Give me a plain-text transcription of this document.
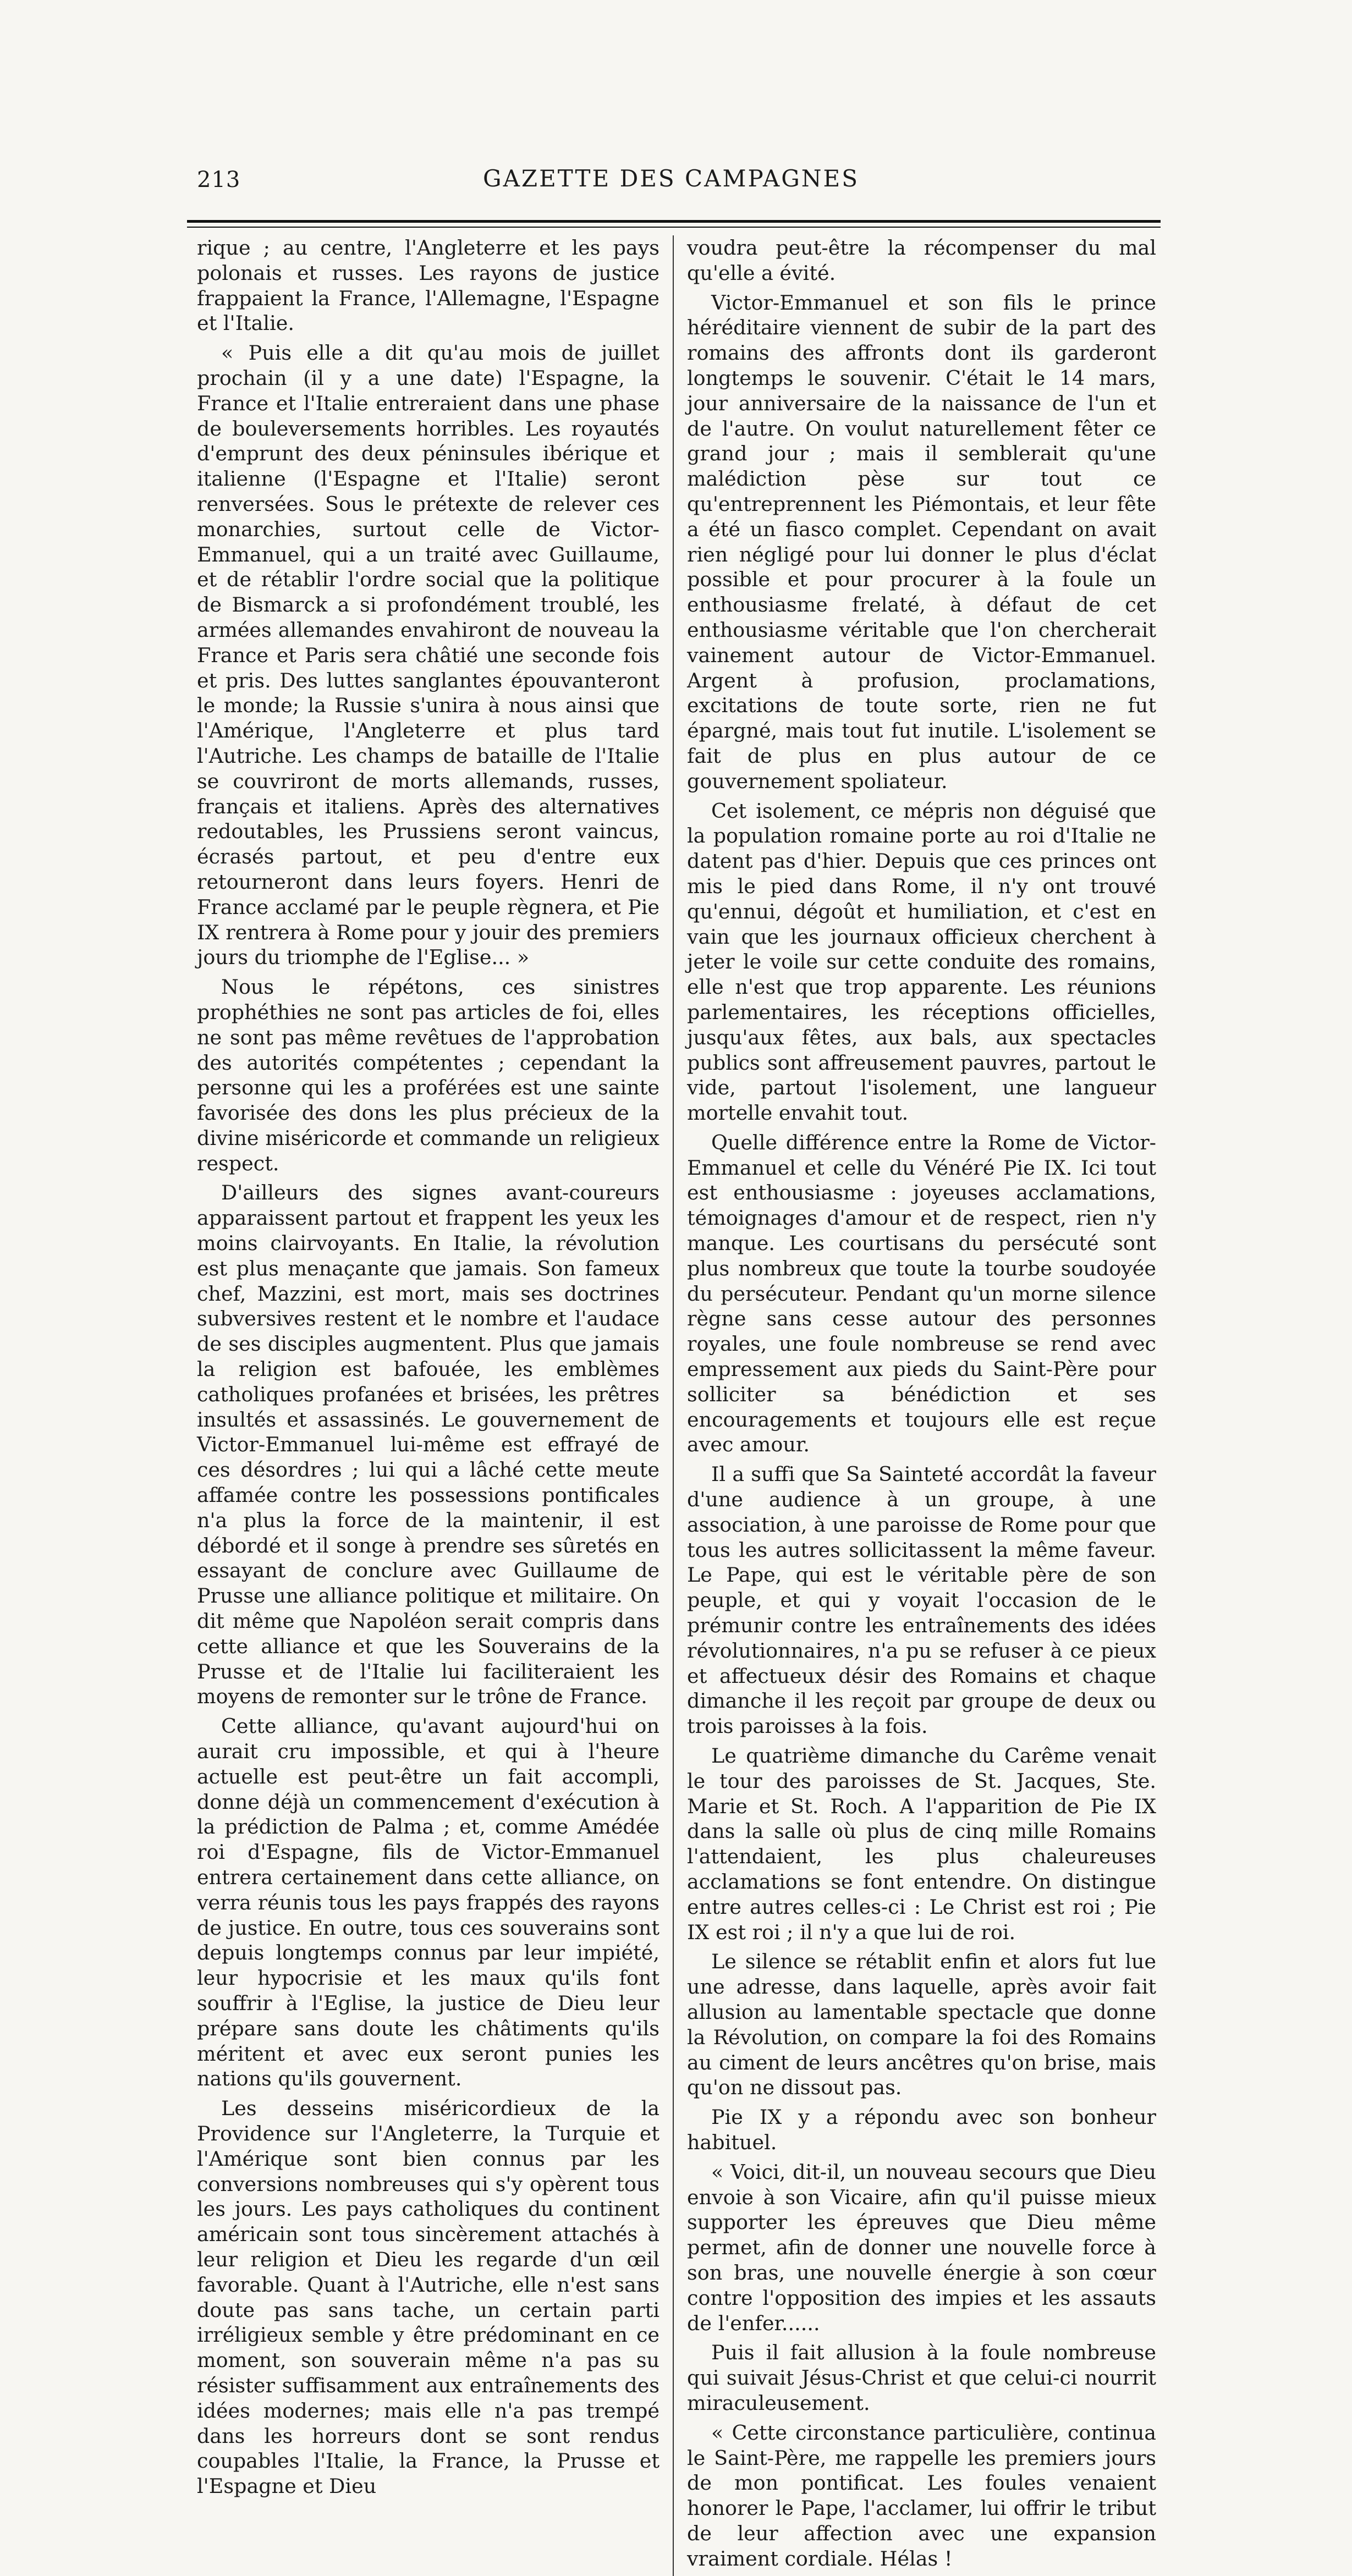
213	GAZETTE DES CAMPAGNES

rique ; au centre, l'Angleterre et les pays polonais et russes. Les rayons de justice frappaient la France, l'Allemagne, l'Espagne et l'Italie.

« Puis elle a dit qu'au mois de juillet prochain (il y a une date) l'Espagne, la France et l'Italie entreraient dans une phase de bouleversements horribles. Les royautés d'emprunt des deux péninsules ibérique et italienne (l'Espagne et l'Italie) seront renversées. Sous le prétexte de relever ces monarchies, surtout celle de Victor-Emmanuel, qui a un traité avec Guillaume, et de rétablir l'ordre social que la politique de Bismarck a si profondément troublé, les armées allemandes envahiront de nouveau la France et Paris sera châtié une seconde fois et pris. Des luttes sanglantes épouvanteront le monde; la Russie s'unira à nous ainsi que l'Amérique, l'Angleterre et plus tard l'Autriche. Les champs de bataille de l'Italie se couvriront de morts allemands, russes, français et italiens. Après des alternatives redoutables, les Prussiens seront vaincus, écrasés partout, et peu d'entre eux retourneront dans leurs foyers. Henri de France acclamé par le peuple règnera, et Pie IX rentrera à Rome pour y jouir des premiers jours du triomphe de l'Eglise... »

Nous le répétons, ces sinistres prophéthies ne sont pas articles de foi, elles ne sont pas même revêtues de l'approbation des autorités compétentes ; cependant la personne qui les a proférées est une sainte favorisée des dons les plus précieux de la divine miséricorde et commande un religieux respect.

D'ailleurs des signes avant-coureurs apparaissent partout et frappent les yeux les moins clairvoyants. En Italie, la révolution est plus menaçante que jamais. Son fameux chef, Mazzini, est mort, mais ses doctrines subversives restent et le nombre et l'audace de ses disciples augmentent. Plus que jamais la religion est bafouée, les emblèmes catholiques profanées et brisées, les prêtres insultés et assassinés. Le gouvernement de Victor-Emmanuel lui-même est effrayé de ces désordres ; lui qui a lâché cette meute affamée contre les possessions pontificales n'a plus la force de la maintenir, il est débordé et il songe à prendre ses sûretés en essayant de conclure avec Guillaume de Prusse une alliance politique et militaire. On dit même que Napoléon serait compris dans cette alliance et que les Souverains de la Prusse et de l'Italie lui faciliteraient les moyens de remonter sur le trône de France.

Cette alliance, qu'avant aujourd'hui on aurait cru impossible, et qui à l'heure actuelle est peut-être un fait accompli, donne déjà un commencement d'exécution à la prédiction de Palma ; et, comme Amédée roi d'Espagne, fils de Victor-Emmanuel entrera certainement dans cette alliance, on verra réunis tous les pays frappés des rayons de justice. En outre, tous ces souverains sont depuis longtemps connus par leur impiété, leur hypocrisie et les maux qu'ils font souffrir à l'Eglise, la justice de Dieu leur prépare sans doute les châtiments qu'ils méritent et avec eux seront punies les nations qu'ils gouvernent.

Les desseins miséricordieux de la Providence sur l'Angleterre, la Turquie et l'Amérique sont bien connus par les conversions nombreuses qui s'y opèrent tous les jours. Les pays catholiques du continent américain sont tous sincèrement attachés à leur religion et Dieu les regarde d'un œil favorable. Quant à l'Autriche, elle n'est sans doute pas sans tache, un certain parti irréligieux semble y être prédominant en ce moment, son souverain même n'a pas su résister suffisamment aux entraînements des idées modernes; mais elle n'a pas trempé dans les horreurs dont se sont rendus coupables l'Italie, la France, la Prusse et l'Espagne et Dieu

voudra peut-être la récompenser du mal qu'elle a évité.

Victor-Emmanuel et son fils le prince héréditaire viennent de subir de la part des romains des affronts dont ils garderont longtemps le souvenir. C'était le 14 mars, jour anniversaire de la naissance de l'un et de l'autre. On voulut naturellement fêter ce grand jour ; mais il semblerait qu'une malédiction pèse sur tout ce qu'entreprennent les Piémontais, et leur fête a été un fiasco complet. Cependant on avait rien négligé pour lui donner le plus d'éclat possible et pour procurer à la foule un enthousiasme frelaté, à défaut de cet enthousiasme véritable que l'on chercherait vainement autour de Victor-Emmanuel. Argent à profusion, proclamations, excitations de toute sorte, rien ne fut épargné, mais tout fut inutile. L'isolement se fait de plus en plus autour de ce gouvernement spoliateur.

Cet isolement, ce mépris non déguisé que la population romaine porte au roi d'Italie ne datent pas d'hier. Depuis que ces princes ont mis le pied dans Rome, il n'y ont trouvé qu'ennui, dégoût et humiliation, et c'est en vain que les journaux officieux cherchent à jeter le voile sur cette conduite des romains, elle n'est que trop apparente. Les réunions parlementaires, les réceptions officielles, jusqu'aux fêtes, aux bals, aux spectacles publics sont affreusement pauvres, partout le vide, partout l'isolement, une langueur mortelle envahit tout.

Quelle différence entre la Rome de Victor-Emmanuel et celle du Vénéré Pie IX. Ici tout est enthousiasme : joyeuses acclamations, témoignages d'amour et de respect, rien n'y manque. Les courtisans du persécuté sont plus nombreux que toute la tourbe soudoyée du persécuteur. Pendant qu'un morne silence règne sans cesse autour des personnes royales, une foule nombreuse se rend avec empressement aux pieds du Saint-Père pour solliciter sa bénédiction et ses encouragements et toujours elle est reçue avec amour.

Il a suffi que Sa Sainteté accordât la faveur d'une audience à un groupe, à une association, à une paroisse de Rome pour que tous les autres sollicitassent la même faveur. Le Pape, qui est le véritable père de son peuple, et qui y voyait l'occasion de le prémunir contre les entraînements des idées révolutionnaires, n'a pu se refuser à ce pieux et affectueux désir des Romains et chaque dimanche il les reçoit par groupe de deux ou trois paroisses à la fois.

Le quatrième dimanche du Carême venait le tour des paroisses de St. Jacques, Ste. Marie et St. Roch. A l'apparition de Pie IX dans la salle où plus de cinq mille Romains l'attendaient, les plus chaleureuses acclamations se font entendre. On distingue entre autres celles-ci : Le Christ est roi ; Pie IX est roi ; il n'y a que lui de roi.

Le silence se rétablit enfin et alors fut lue une adresse, dans laquelle, après avoir fait allusion au lamentable spectacle que donne la Révolution, on compare la foi des Romains au ciment de leurs ancêtres qu'on brise, mais qu'on ne dissout pas.

Pie IX y a répondu avec son bonheur habituel.

« Voici, dit-il, un nouveau secours que Dieu envoie à son Vicaire, afin qu'il puisse mieux supporter les épreuves que Dieu même permet, afin de donner une nouvelle force à son bras, une nouvelle énergie à son cœur contre l'opposition des impies et les assauts de l'enfer......

Puis il fait allusion à la foule nombreuse qui suivait Jésus-Christ et que celui-ci nourrit miraculeusement.

« Cette circonstance particulière, continua le Saint-Père, me rappelle les premiers jours de mon pontificat. Les foules venaient honorer le Pape, l'acclamer, lui offrir le tribut de leur affection avec une expansion vraiment cordiale. Hélas !
